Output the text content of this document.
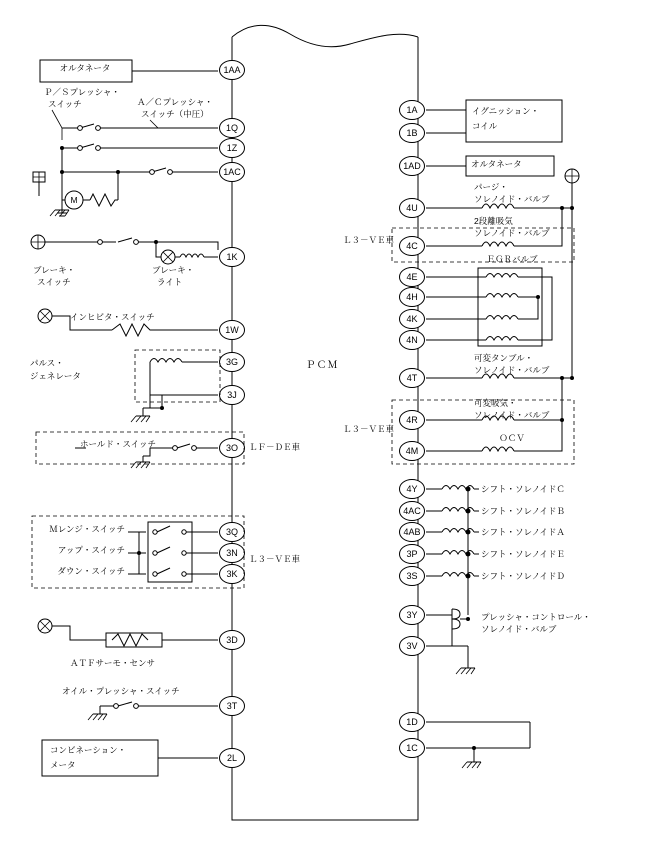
ＰＣＭ
1AA
1Q
1Z
1AC
1K
1W
3G
3J
3O
3Q
3N
3K
3D
3T
2L
1A
1B
1AD
4U
4C
4E
4H
4K
4N
4T
4R
4M
4Y
4AC
4AB
3P
3S
3Y
3V
1D
1C
M
オルタネータ
Ｐ／Ｓプレッシャ・
スイッチ	Ａ／Ｃプレッシャ・
スイッチ（中圧）
ブレーキ・
スイッチ
ブレーキ・
ライト
インヒビタ・スイッチ
パルス・
ジェネレータ
ホールド・スイッチ	ＬＦ－ＤＥ車
Ｍレンジ・スイッチ
アップ・スイッチ
ダウン・スイッチ
Ｌ３－ＶＥ車
ＡＴＦサーモ・センサ
オイル・プレッシャ・スイッチ
コンビネーション・
メータ
イグニッション・
コイル
オルタネータ
パージ・
ソレノイド・バルブ
2段離吸気
ソレノイド・バルブ
Ｌ３－ＶＥ車
ＥＧＲバルブ
可変タンブル・
ソレノイド・バルブ
可変吸気・
ソレノイド・バルブ
Ｌ３－ＶＥ車
ＯＣＶ
シフト・ソレノイドＣ
シフト・ソレノイドＢ
シフト・ソレノイドＡ
シフト・ソレノイドＥ
シフト・ソレノイドＤ
プレッシャ・コントロール・
ソレノイド・バルブ
